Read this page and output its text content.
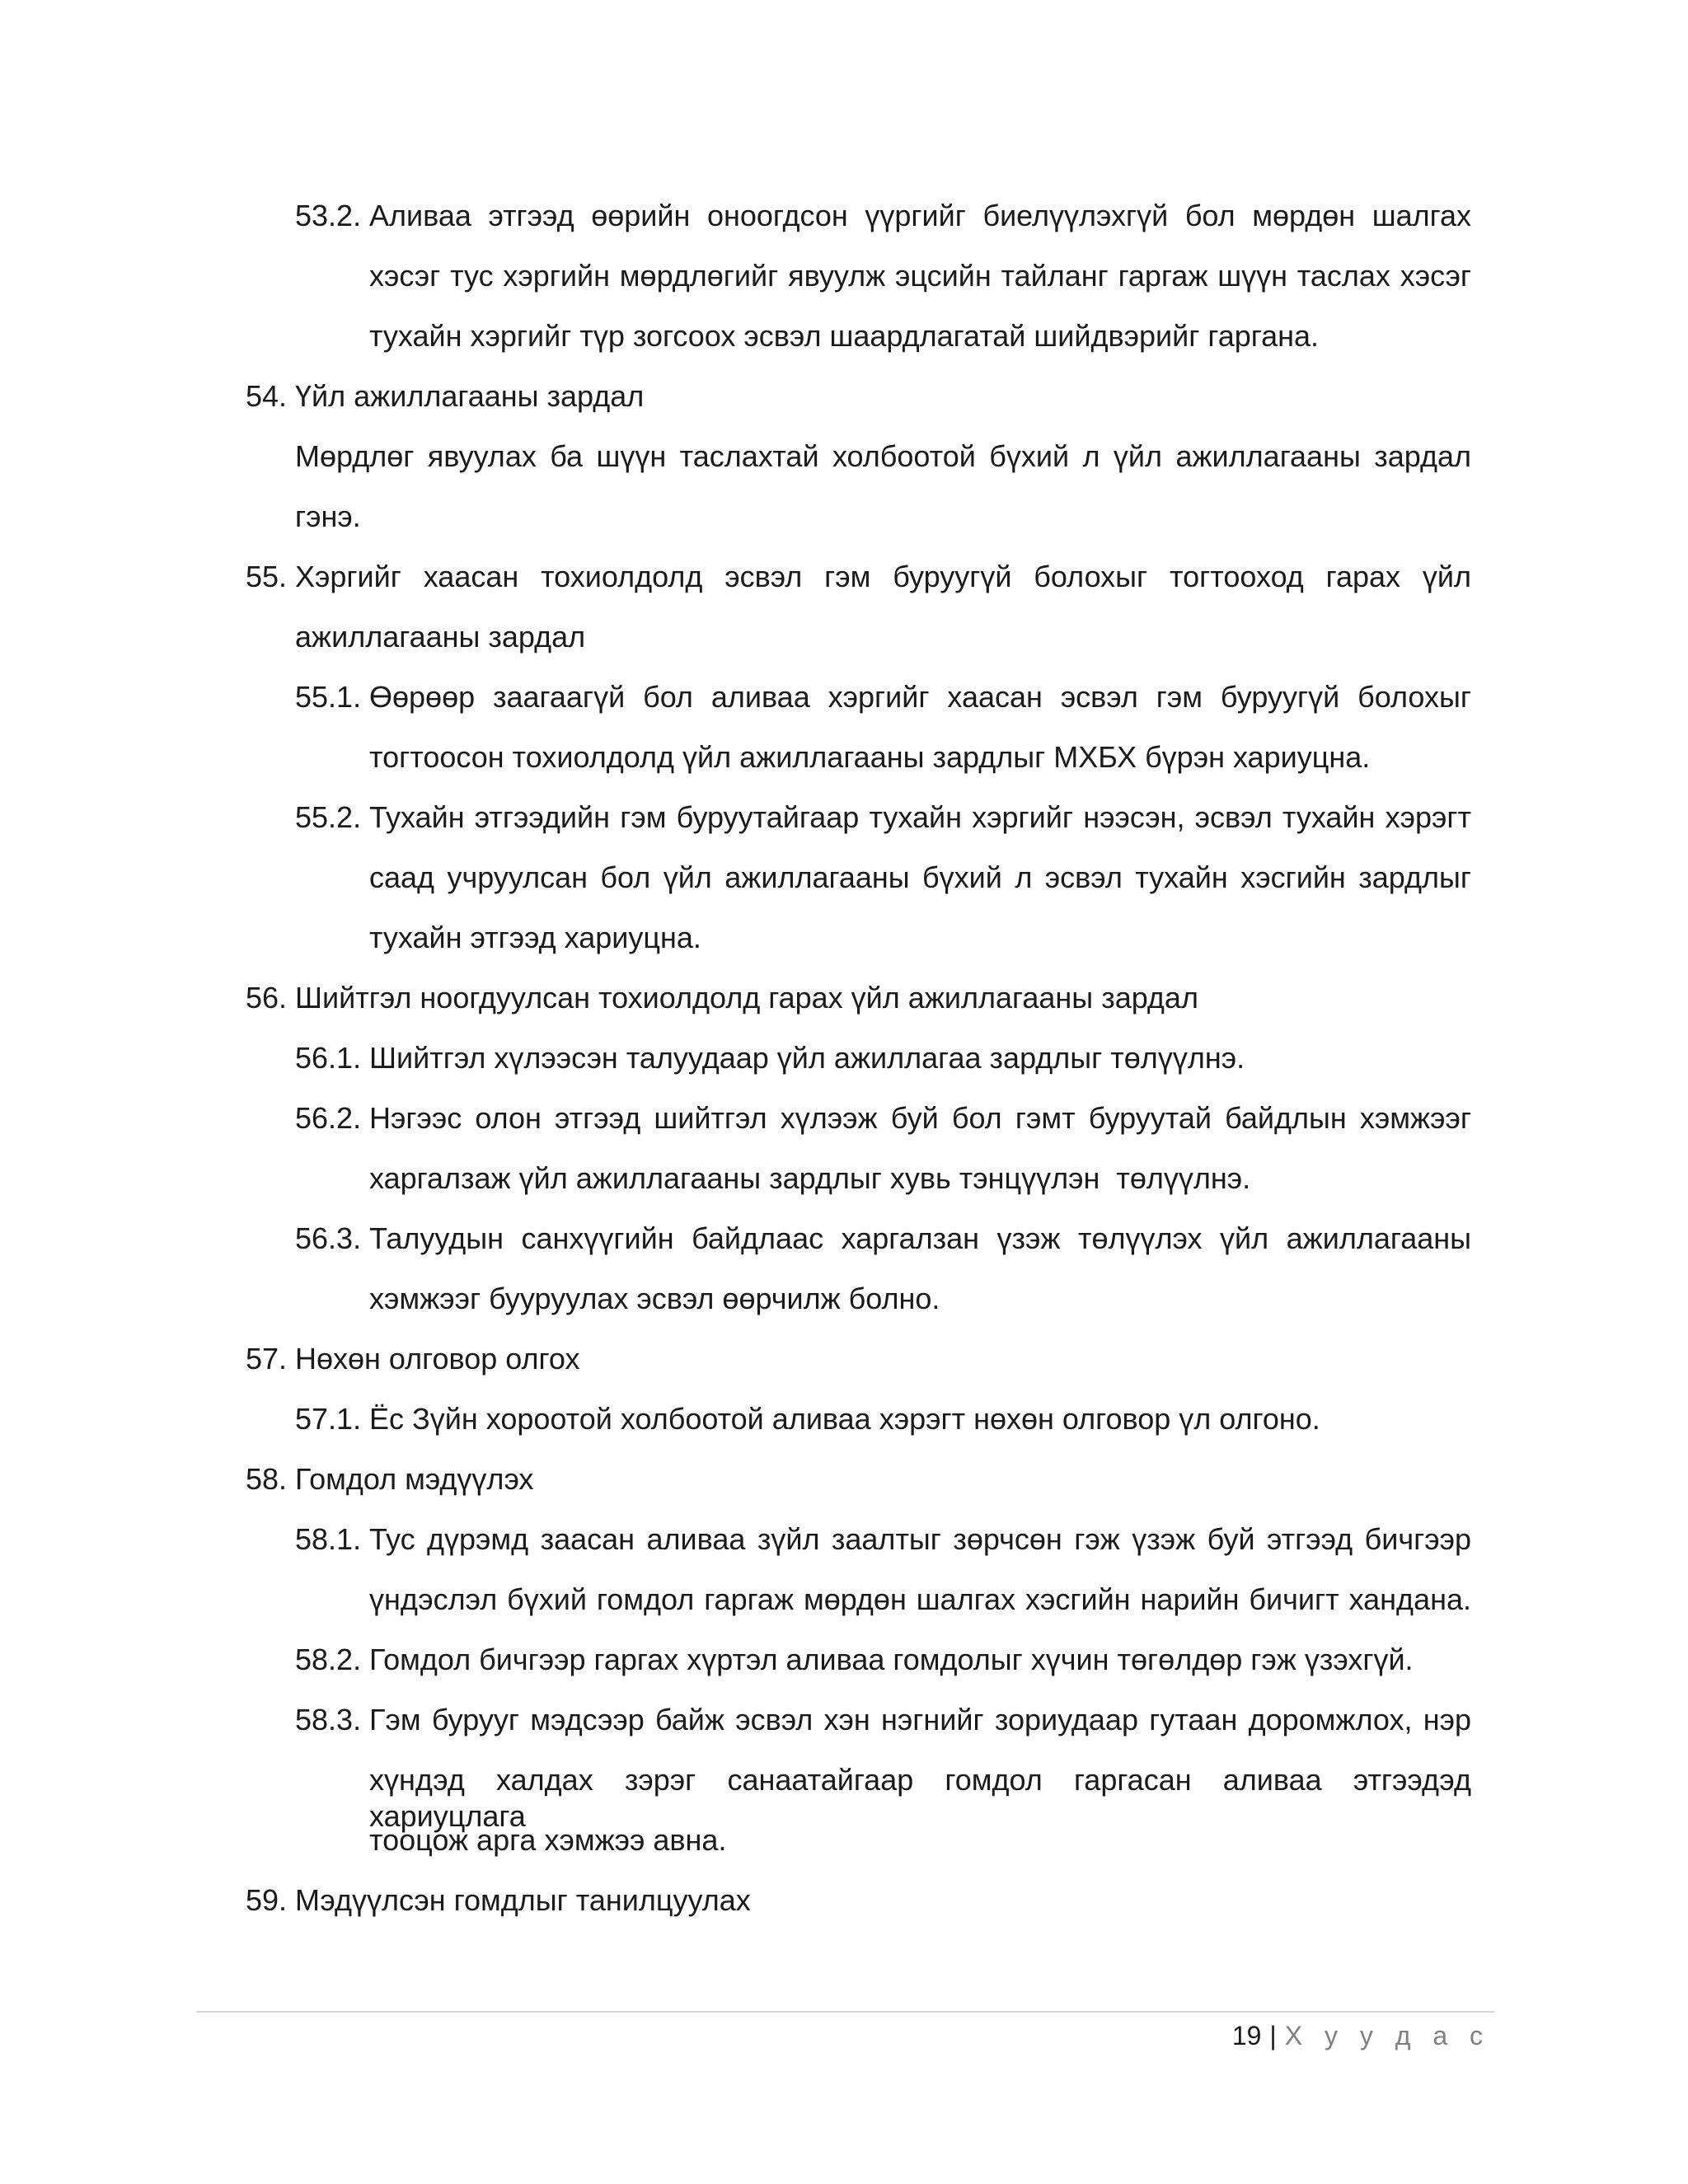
53.2. Аливаа этгээд өөрийн оноогдсон үүргийг биелүүлэхгүй бол мөрдөн шалгах
хэсэг тус хэргийн мөрдлөгийг явуулж эцсийн тайланг гаргаж шүүн таслах хэсэг
тухайн хэргийг түр зогсоох эсвэл шаардлагатай шийдвэрийг гаргана.
54. Үйл ажиллагааны зардал
Мөрдлөг явуулах ба шүүн таслахтай холбоотой бүхий л үйл ажиллагааны зардал
гэнэ.
55. Хэргийг хаасан тохиолдолд эсвэл гэм буруугүй болохыг тогтооход гарах үйл
ажиллагааны зардал
55.1. Өөрөөр заагаагүй бол аливаа хэргийг хаасан эсвэл гэм буруугүй болохыг
тогтоосон тохиолдолд үйл ажиллагааны зардлыг МХБХ бүрэн хариуцна.
55.2. Тухайн этгээдийн гэм буруутайгаар тухайн хэргийг нээсэн, эсвэл тухайн хэрэгт
саад учруулсан бол үйл ажиллагааны бүхий л эсвэл тухайн хэсгийн зардлыг
тухайн этгээд хариуцна.
56. Шийтгэл ноогдуулсан тохиолдолд гарах үйл ажиллагааны зардал
56.1. Шийтгэл хүлээсэн талуудаар үйл ажиллагаа зардлыг төлүүлнэ.
56.2. Нэгээс олон этгээд шийтгэл хүлээж буй бол гэмт буруутай байдлын хэмжээг
харгалзаж үйл ажиллагааны зардлыг хувь тэнцүүлэн  төлүүлнэ.
56.3. Талуудын санхүүгийн байдлаас харгалзан үзэж төлүүлэх үйл ажиллагааны
хэмжээг бууруулах эсвэл өөрчилж болно.
57. Нөхөн олговор олгох
57.1. Ёс Зүйн хороотой холбоотой аливаа хэрэгт нөхөн олговор үл олгоно.
58. Гомдол мэдүүлэх
58.1. Тус дүрэмд заасан аливаа зүйл заалтыг зөрчсөн гэж үзэж буй этгээд бичгээр
үндэслэл бүхий гомдол гаргаж мөрдөн шалгах хэсгийн нарийн бичигт хандана.
58.2. Гомдол бичгээр гаргах хүртэл аливаа гомдолыг хүчин төгөлдөр гэж үзэхгүй.
58.3. Гэм бурууг мэдсээр байж эсвэл хэн нэгнийг зориудаар гутаан доромжлох, нэр
хүндэд халдах зэрэг санаатайгаар гомдол гаргасан аливаа этгээдэд хариуцлага
тооцож арга хэмжээ авна.
59. Мэдүүлсэн гомдлыг танилцуулах
19 | Х у у д а с
